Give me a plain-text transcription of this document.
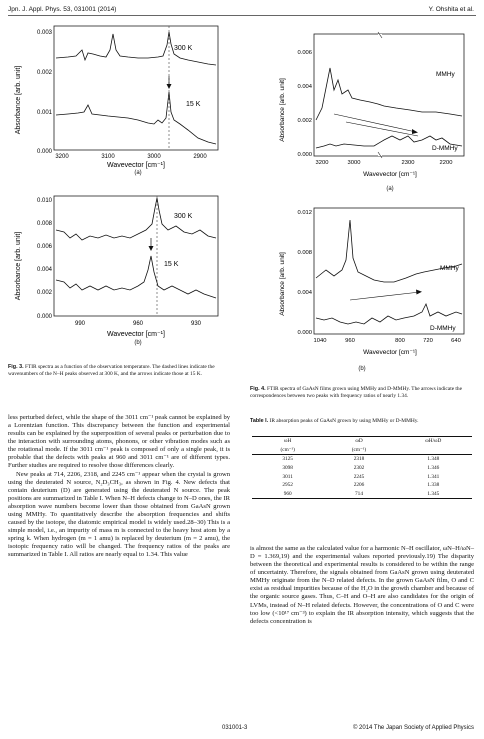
Jpn. J. Appl. Phys. 53, 031001 (2014)	Y. Ohshita et al.
Absorbance [arb. unit]
0.003
0.002
0.001
0.000
3200	3100	3000	2900
300 K
15 K
Wavevector [cm⁻¹]
(a)
Absorbance [arb. unit]
0.010
0.008
0.006
0.004
0.002
0.000
990	960	930
300 K
15 K
Wavevector [cm⁻¹]
(b)
Fig. 3. FTIR spectra as a function of the observation temperature. The dashed lines indicate the wavenumbers of the N–H peaks observed at 300 K, and the arrows indicate those at 15 K.
Absorbance [arb. unit]
0.006
0.004
0.002
0.000
3200	3000	2300	2200
MMHy
D-MMHy
Wavevector [cm⁻¹]
(a)
Absorbance [arb. unit]
0.012
0.008
0.004
0.000
1040	960	800	720	640
MMHy
D-MMHy
Wavevector [cm⁻¹]
(b)
Fig. 4. FTIR spectra of GaAsN films grown using MMHy and D-MMHy. The arrows indicate the correspondences between two peaks with frequency ratios of nearly 1.34.

less perturbed defect, while the shape of the 3011 cm⁻¹ peak cannot be explained by a Lorentzian function. This discrepancy between the function and experimental results can be explained by the superposition of several peaks or perturbation due to the interaction with surrounding atoms, phonons, or other vibration modes such as the rotational mode. If the 3011 cm⁻¹ peak is composed of only a single peak, it is probable that the defects with peaks at 960 and 3011 cm⁻¹ are of different types. Further studies are required to resolve those differences clearly.

New peaks at 714, 2206, 2318, and 2245 cm⁻¹ appear when the crystal is grown using the deuterated N source, N₂D₃CH₃, as shown in Fig. 4. New defects that contain deuterium (D) are generated using the deuterated N source. The peak positions are summarized in Table I. When N–H defects change to N–D ones, the IR absorption wave numbers become lower than those obtained from GaAsN grown using MMHy. To quantitatively describe the absorption frequencies and shifts caused by the isotope, the diatomic empirical model is widely used.28–30) This is a simple model, i.e., an impurity of mass m is connected to the heavy host atom by a spring k. When hydrogen (m = 1 amu) is replaced by deuterium (m = 2 amu), the isotopic frequency ratio will be changed. The frequency ratios of the peaks are summarized in Table I. All ratios are nearly equal to 1.34. This value

Table I. IR absorption peaks of GaAsN grown by using MMHy or D-MMHy.
ωH	ωD	ωH/ωD
(cm⁻¹)	(cm⁻¹)	
3125	2318	1.348
3098	2302	1.346
3011	2245	1.341
2952	2206	1.338
960	714	1.345

is almost the same as the calculated value for a harmonic N–H oscillator, ωN–H/ωN–D = 1.369,19) and the experimental values reported previously.19) The disparity between the theoretical and experimental results is considered to be within the range of uncertainty. Therefore, the signals obtained from GaAsN grown using deuterated MMHy originate from the N–D related defects. In the grown GaAsN film, O and C exist as residual impurities because of the H₂O in the growth chamber and because of the organic source gases. Thus, C–H and O–H are also candidates for the origin of LVMs, instead of N–H related defects. However, the concentrations of O and C were too low (<10¹⁷ cm⁻³) to explain the IR absorption intensity, which suggests that the defects concentration is

031001-3	© 2014 The Japan Society of Applied Physics
